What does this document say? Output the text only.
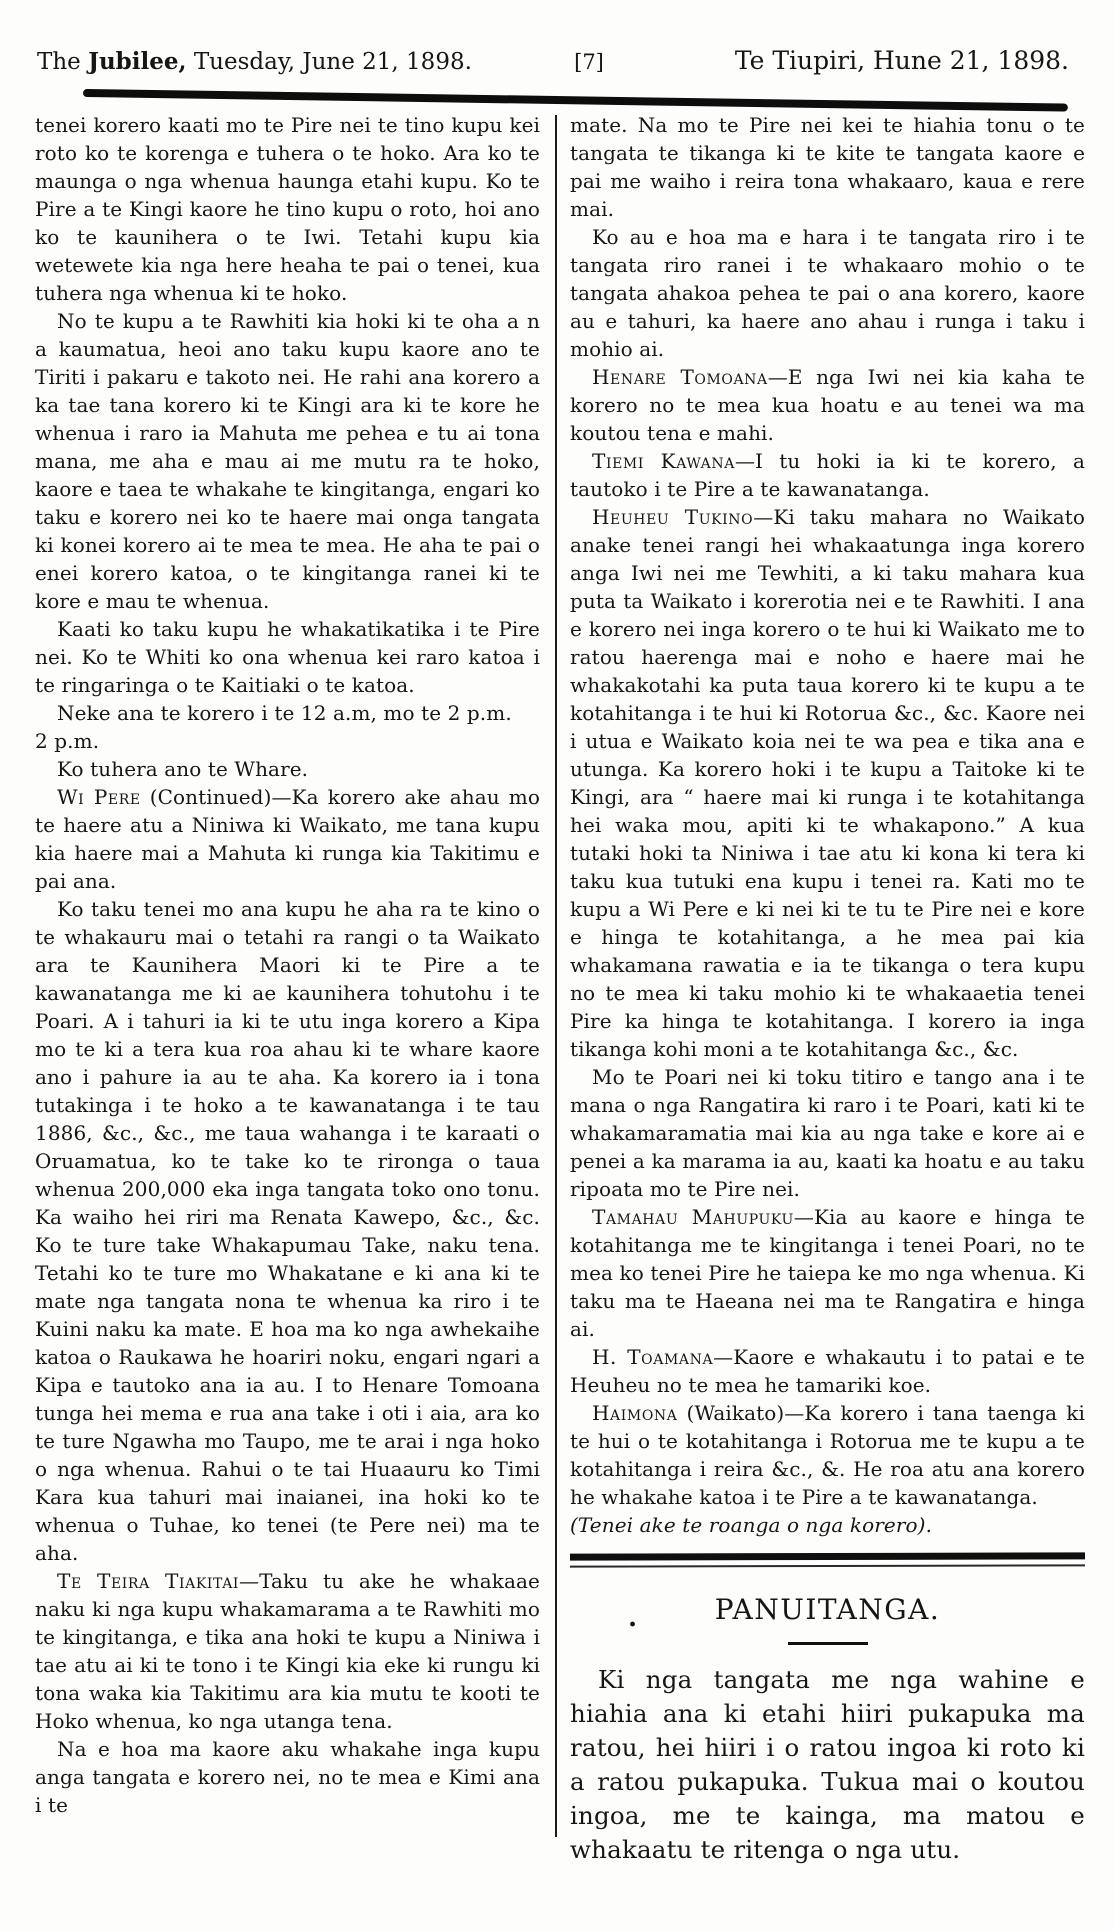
The Jubilee, Tuesday, June 21, 1898.	[7]	Te Tiupiri, Hune 21, 1898.

tenei korero kaati mo te Pire nei te tino kupu kei roto ko te korenga e tuhera o te hoko. Ara ko te maunga o nga whenua haunga etahi kupu. Ko te Pire a te Kingi kaore he tino kupu o roto, hoi ano ko te kaunihera o te Iwi. Tetahi kupu kia wetewete kia nga here heaha te pai o tenei, kua tuhera nga whenua ki te hoko.

No te kupu a te Rawhiti kia hoki ki te oha a n a kaumatua, heoi ano taku kupu kaore ano te Tiriti i pakaru e takoto nei. He rahi ana korero a ka tae tana korero ki te Kingi ara ki te kore he whenua i raro ia Mahuta me pehea e tu ai tona mana, me aha e mau ai me mutu ra te hoko, kaore e taea te whakahe te kingitanga, engari ko taku e korero nei ko te haere mai onga tangata ki konei korero ai te mea te mea. He aha te pai o enei korero katoa, o te kingitanga ranei ki te kore e mau te whenua.

Kaati ko taku kupu he whakatikatika i te Pire nei. Ko te Whiti ko ona whenua kei raro katoa i te ringaringa o te Kaitiaki o te katoa.

Neke ana te korero i te 12 a.m, mo te 2 p.m.

2 p.m.

Ko tuhera ano te Whare.

Wi Pere (Continued)—Ka korero ake ahau mo te haere atu a Niniwa ki Waikato, me tana kupu kia haere mai a Mahuta ki runga kia Takitimu e pai ana.

Ko taku tenei mo ana kupu he aha ra te kino o te whakauru mai o tetahi ra rangi o ta Waikato ara te Kaunihera Maori ki te Pire a te kawanatanga me ki ae kaunihera tohutohu i te Poari. A i tahuri ia ki te utu inga korero a Kipa mo te ki a tera kua roa ahau ki te whare kaore ano i pahure ia au te aha. Ka korero ia i tona tutakinga i te hoko a te kawanatanga i te tau 1886, &c., &c., me taua wahanga i te karaati o Oruamatua, ko te take ko te rironga o taua whenua 200,000 eka inga tangata toko ono tonu. Ka waiho hei riri ma Renata Kawepo, &c., &c. Ko te ture take Whakapumau Take, naku tena. Tetahi ko te ture mo Whakatane e ki ana ki te mate nga tangata nona te whenua ka riro i te Kuini naku ka mate. E hoa ma ko nga awhekaihe katoa o Raukawa he hoariri noku, engari ngari a Kipa e tautoko ana ia au. I to Henare Tomoana tunga hei mema e rua ana take i oti i aia, ara ko te ture Ngawha mo Taupo, me te arai i nga hoko o nga whenua. Rahui o te tai Huaauru ko Timi Kara kua tahuri mai inaianei, ina hoki ko te whenua o Tuhae, ko tenei (te Pere nei) ma te aha.

Te Teira Tiakitai—Taku tu ake he whakaae naku ki nga kupu whakamarama a te Rawhiti mo te kingitanga, e tika ana hoki te kupu a Niniwa i tae atu ai ki te tono i te Kingi kia eke ki rungu ki tona waka kia Takitimu ara kia mutu te kooti te Hoko whenua, ko nga utanga tena.

Na e hoa ma kaore aku whakahe inga kupu anga tangata e korero nei, no te mea e Kimi ana i te

mate. Na mo te Pire nei kei te hiahia tonu o te tangata te tikanga ki te kite te tangata kaore e pai me waiho i reira tona whakaaro, kaua e rere mai.

Ko au e hoa ma e hara i te tangata riro i te tangata riro ranei i te whakaaro mohio o te tangata ahakoa pehea te pai o ana korero, kaore au e tahuri, ka haere ano ahau i runga i taku i mohio ai.

Henare Tomoana—E nga Iwi nei kia kaha te korero no te mea kua hoatu e au tenei wa ma koutou tena e mahi.

Tiemi Kawana—I tu hoki ia ki te korero, a tautoko i te Pire a te kawanatanga.

Heuheu Tukino—Ki taku mahara no Waikato anake tenei rangi hei whakaatunga inga korero anga Iwi nei me Tewhiti, a ki taku mahara kua puta ta Waikato i korerotia nei e te Rawhiti. I ana e korero nei inga korero o te hui ki Waikato me to ratou haerenga mai e noho e haere mai he whakakotahi ka puta taua korero ki te kupu a te kotahitanga i te hui ki Rotorua &c., &c. Kaore nei i utua e Waikato koia nei te wa pea e tika ana e utunga. Ka korero hoki i te kupu a Taitoke ki te Kingi, ara “ haere mai ki runga i te kotahitanga hei waka mou, apiti ki te whakapono.” A kua tutaki hoki ta Niniwa i tae atu ki kona ki tera ki taku kua tutuki ena kupu i tenei ra. Kati mo te kupu a Wi Pere e ki nei ki te tu te Pire nei e kore e hinga te kotahitanga, a he mea pai kia whakamana rawatia e ia te tikanga o tera kupu no te mea ki taku mohio ki te whakaaetia tenei Pire ka hinga te kotahitanga. I korero ia inga tikanga kohi moni a te kotahitanga &c., &c.

Mo te Poari nei ki toku titiro e tango ana i te mana o nga Rangatira ki raro i te Poari, kati ki te whakamaramatia mai kia au nga take e kore ai e penei a ka marama ia au, kaati ka hoatu e au taku ripoata mo te Pire nei.

Tamahau Mahupuku—Kia au kaore e hinga te kotahitanga me te kingitanga i tenei Poari, no te mea ko tenei Pire he taiepa ke mo nga whenua. Ki taku ma te Haeana nei ma te Rangatira e hinga ai.

H. Toamana—Kaore e whakautu i to patai e te Heuheu no te mea he tamariki koe.

Haimona (Waikato)—Ka korero i tana taenga ki te hui o te kotahitanga i Rotorua me te kupu a te kotahitanga i reira &c., &. He roa atu ana korero he whakahe katoa i te Pire a te kawanatanga.

(Tenei ake te roanga o nga korero).

.	PANUITANGA.

Ki nga tangata me nga wahine e hiahia ana ki etahi hiiri pukapuka ma ratou, hei hiiri i o ratou ingoa ki roto ki a ratou pukapuka. Tukua mai o koutou ingoa, me te kainga, ma matou e whakaatu te ritenga o nga utu.
